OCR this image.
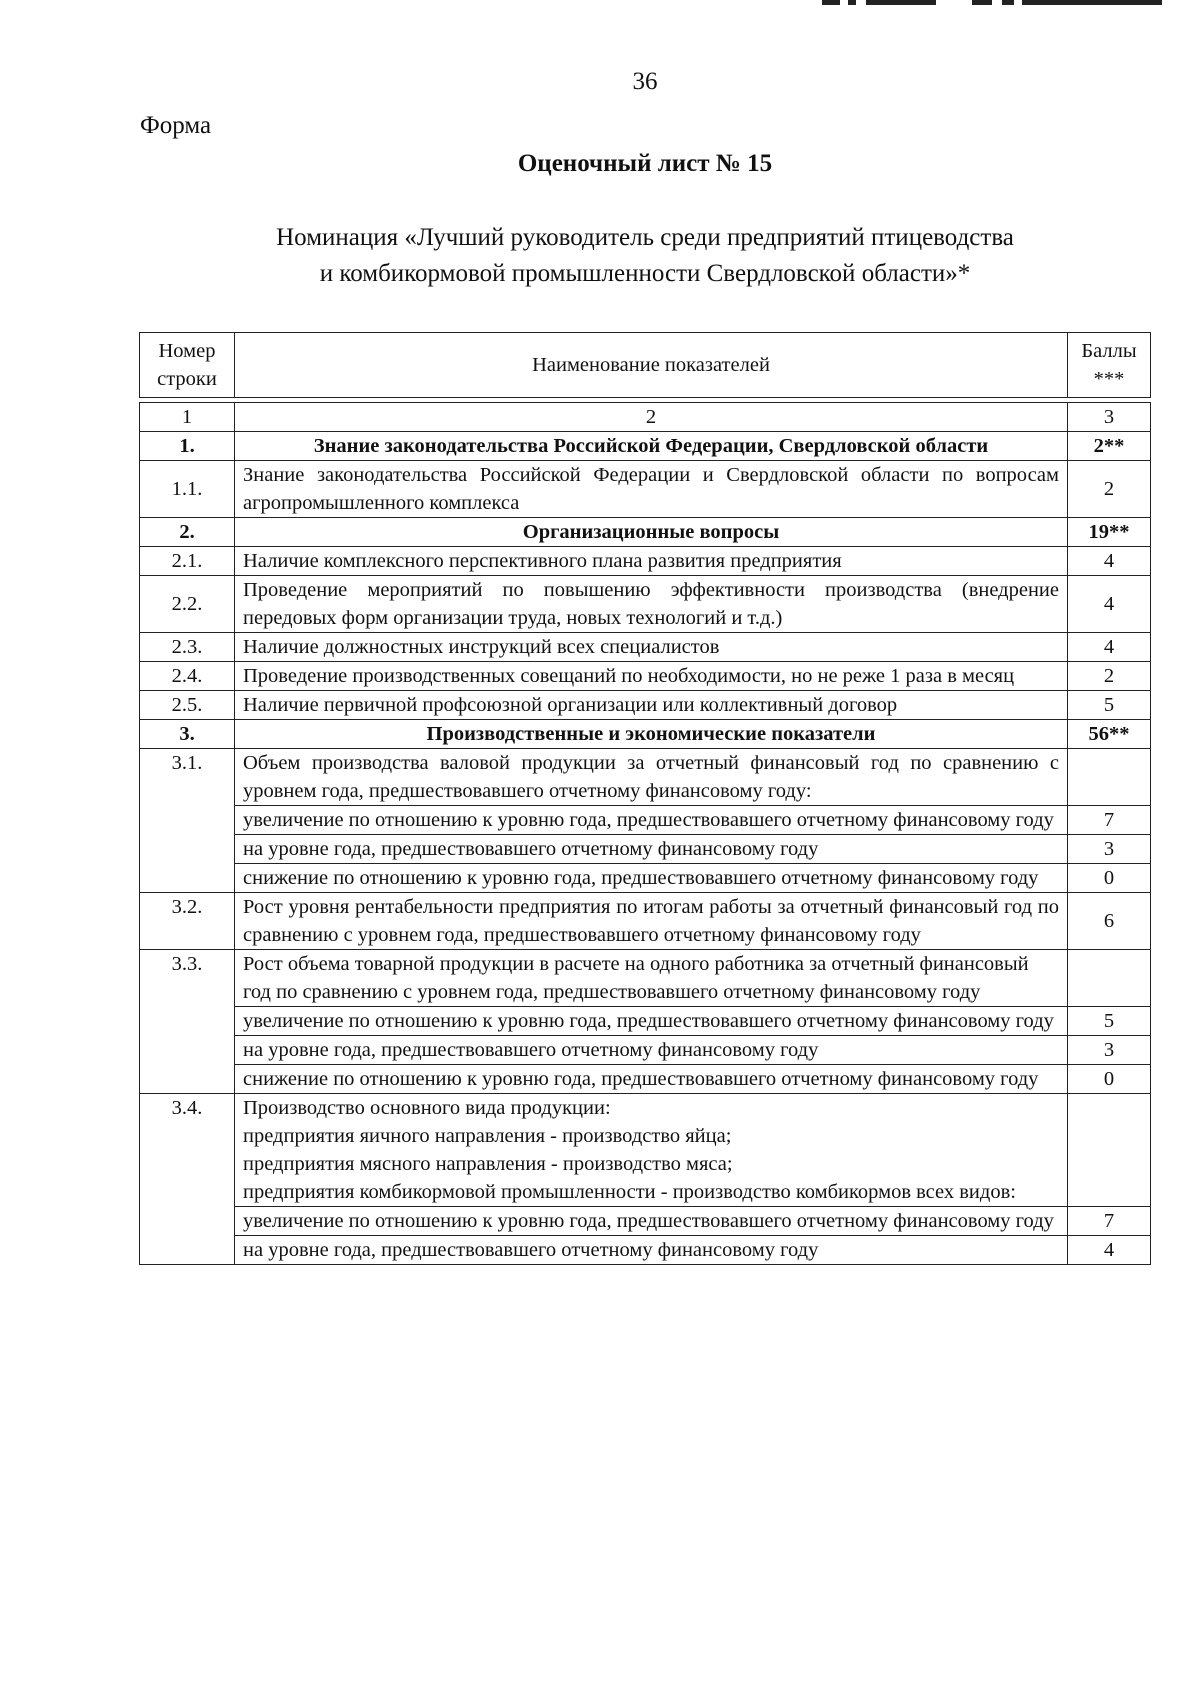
36
Форма
Оценочный лист № 15
Номинация «Лучший руководитель среди предприятий птицеводства
и комбикормовой промышленности Свердловской области»*
Номер строки	Наименование показателей	Баллы ***
1	2	3
1.	Знание законодательства Российской Федерации, Свердловской области	2**
1.1.	Знание законодательства Российской Федерации и Свердловской области по вопросам агропромышленного комплекса	2
2.	Организационные вопросы	19**
2.1.	Наличие комплексного перспективного плана развития предприятия	4
2.2.	Проведение мероприятий по повышению эффективности производства (внедрение передовых форм организации труда, новых технологий и т.д.)	4
2.3.	Наличие должностных инструкций всех специалистов	4
2.4.	Проведение производственных совещаний по необходимости, но не реже 1 раза в месяц	2
2.5.	Наличие первичной профсоюзной организации или коллективный договор	5
3.	Производственные и экономические показатели	56**
3.1.	Объем производства валовой продукции за отчетный финансовый год по сравнению с уровнем года, предшествовавшего отчетному финансовому году:	
	увеличение по отношению к уровню года, предшествовавшего отчетному финансовому году	7
	на уровне года, предшествовавшего отчетному финансовому году	3
	снижение по отношению к уровню года, предшествовавшего отчетному финансовому году	0
3.2.	Рост уровня рентабельности предприятия по итогам работы за отчетный финансовый год по сравнению с уровнем года, предшествовавшего отчетному финансовому году	6
3.3.	Рост объема товарной продукции в расчете на одного работника за отчетный финансовый год по сравнению с уровнем года, предшествовавшего отчетному финансовому году	
	увеличение по отношению к уровню года, предшествовавшего отчетному финансовому году	5
	на уровне года, предшествовавшего отчетному финансовому году	3
	снижение по отношению к уровню года, предшествовавшего отчетному финансовому году	0
3.4.	Производство основного вида продукции:
предприятия яичного направления - производство яйца;
предприятия мясного направления - производство мяса;
предприятия комбикормовой промышленности - производство комбикормов всех видов:	

	увеличение по отношению к уровню года, предшествовавшего отчетному финансовому году	7
	на уровне года, предшествовавшего отчетному финансовому году	4
